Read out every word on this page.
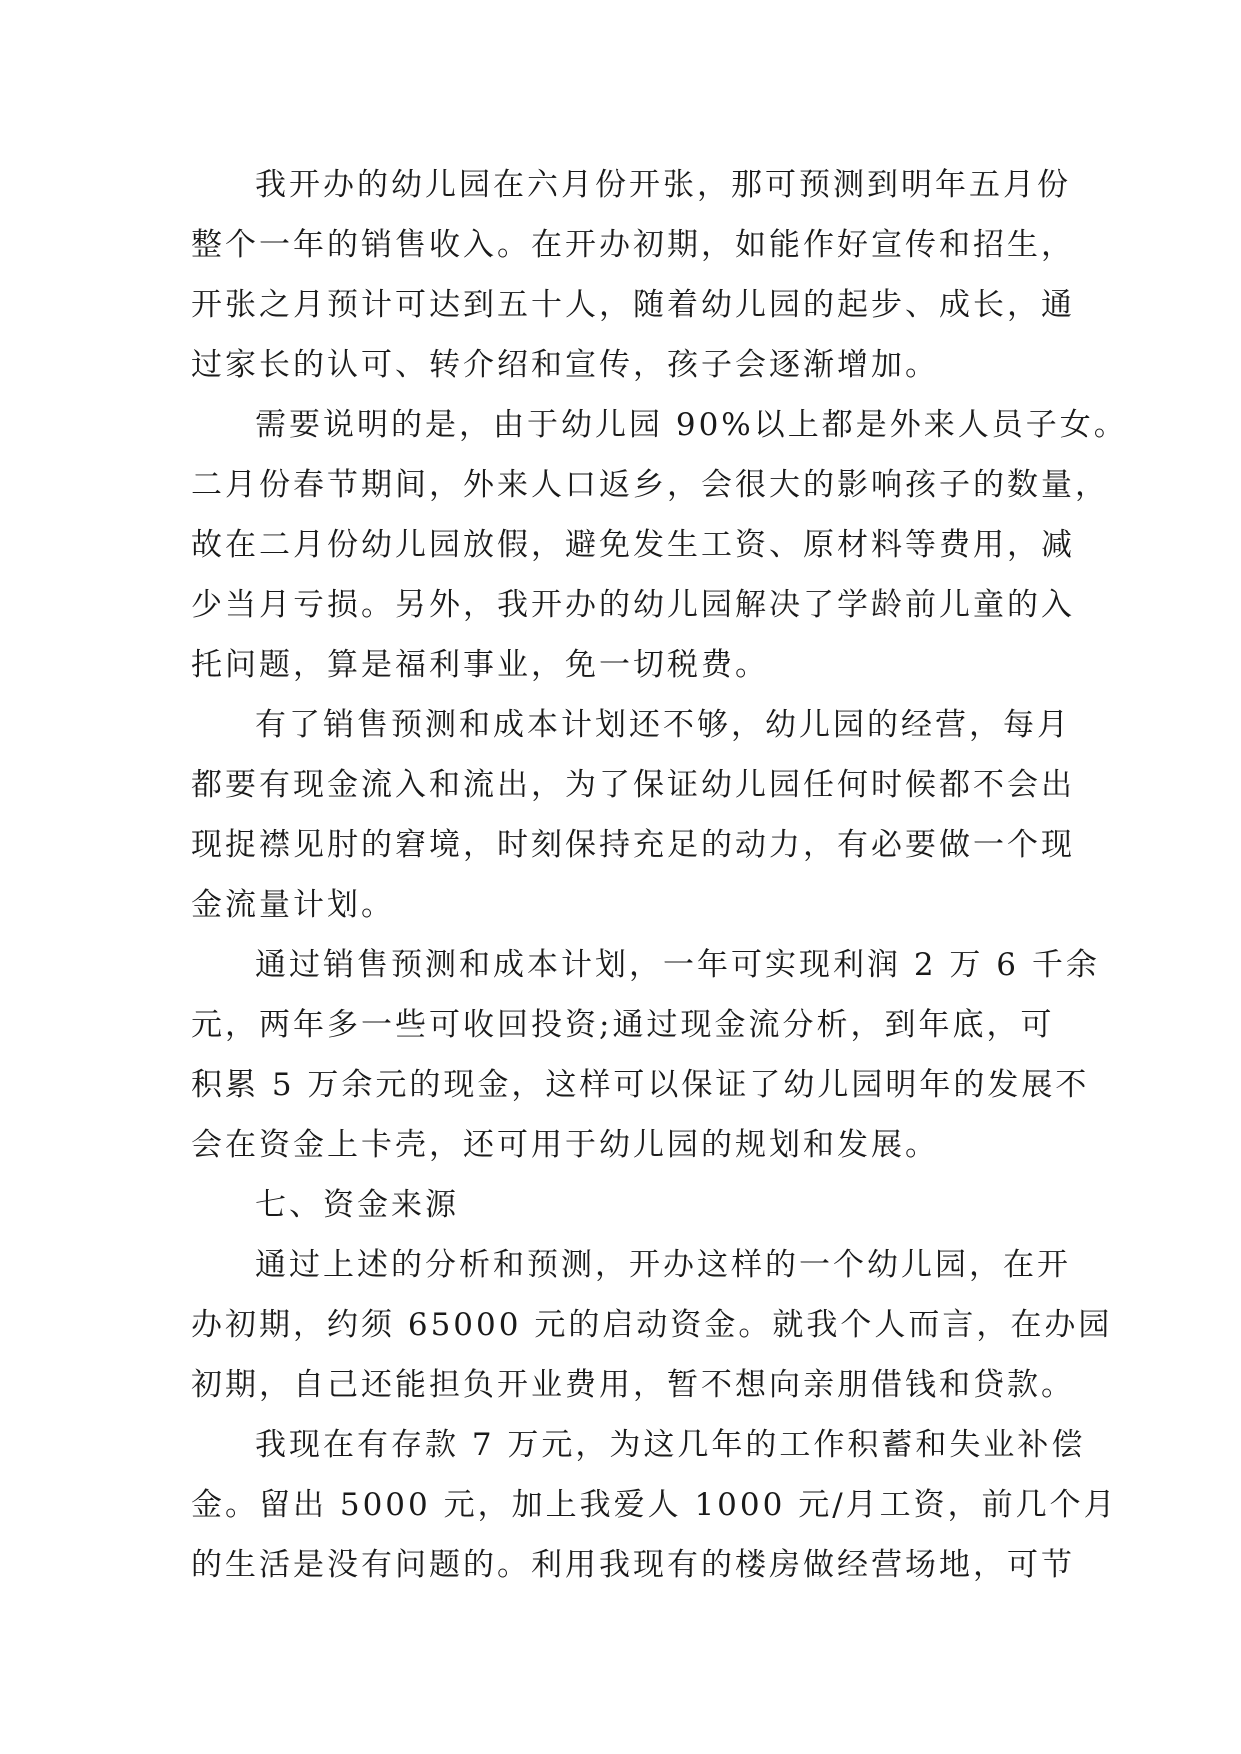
我开办的幼儿园在六月份开张，那可预测到明年五月份
整个一年的销售收入。在开办初期，如能作好宣传和招生，
开张之月预计可达到五十人，随着幼儿园的起步、成长，通
过家长的认可、转介绍和宣传，孩子会逐渐增加。
需要说明的是，由于幼儿园 90%以上都是外来人员子女。
二月份春节期间，外来人口返乡，会很大的影响孩子的数量，
故在二月份幼儿园放假，避免发生工资、原材料等费用，减
少当月亏损。另外，我开办的幼儿园解决了学龄前儿童的入
托问题，算是福利事业，免一切税费。
有了销售预测和成本计划还不够，幼儿园的经营，每月
都要有现金流入和流出，为了保证幼儿园任何时候都不会出
现捉襟见肘的窘境，时刻保持充足的动力，有必要做一个现
金流量计划。
通过销售预测和成本计划，一年可实现利润 2 万 6 千余
元，两年多一些可收回投资;通过现金流分析，到年底，可
积累 5 万余元的现金，这样可以保证了幼儿园明年的发展不
会在资金上卡壳，还可用于幼儿园的规划和发展。
七、资金来源
通过上述的分析和预测，开办这样的一个幼儿园，在开
办初期，约须 65000 元的启动资金。就我个人而言，在办园
初期，自己还能担负开业费用，暂不想向亲朋借钱和贷款。
我现在有存款 7 万元，为这几年的工作积蓄和失业补偿
金。留出 5000 元，加上我爱人 1000 元/月工资，前几个月
的生活是没有问题的。利用我现有的楼房做经营场地，可节
